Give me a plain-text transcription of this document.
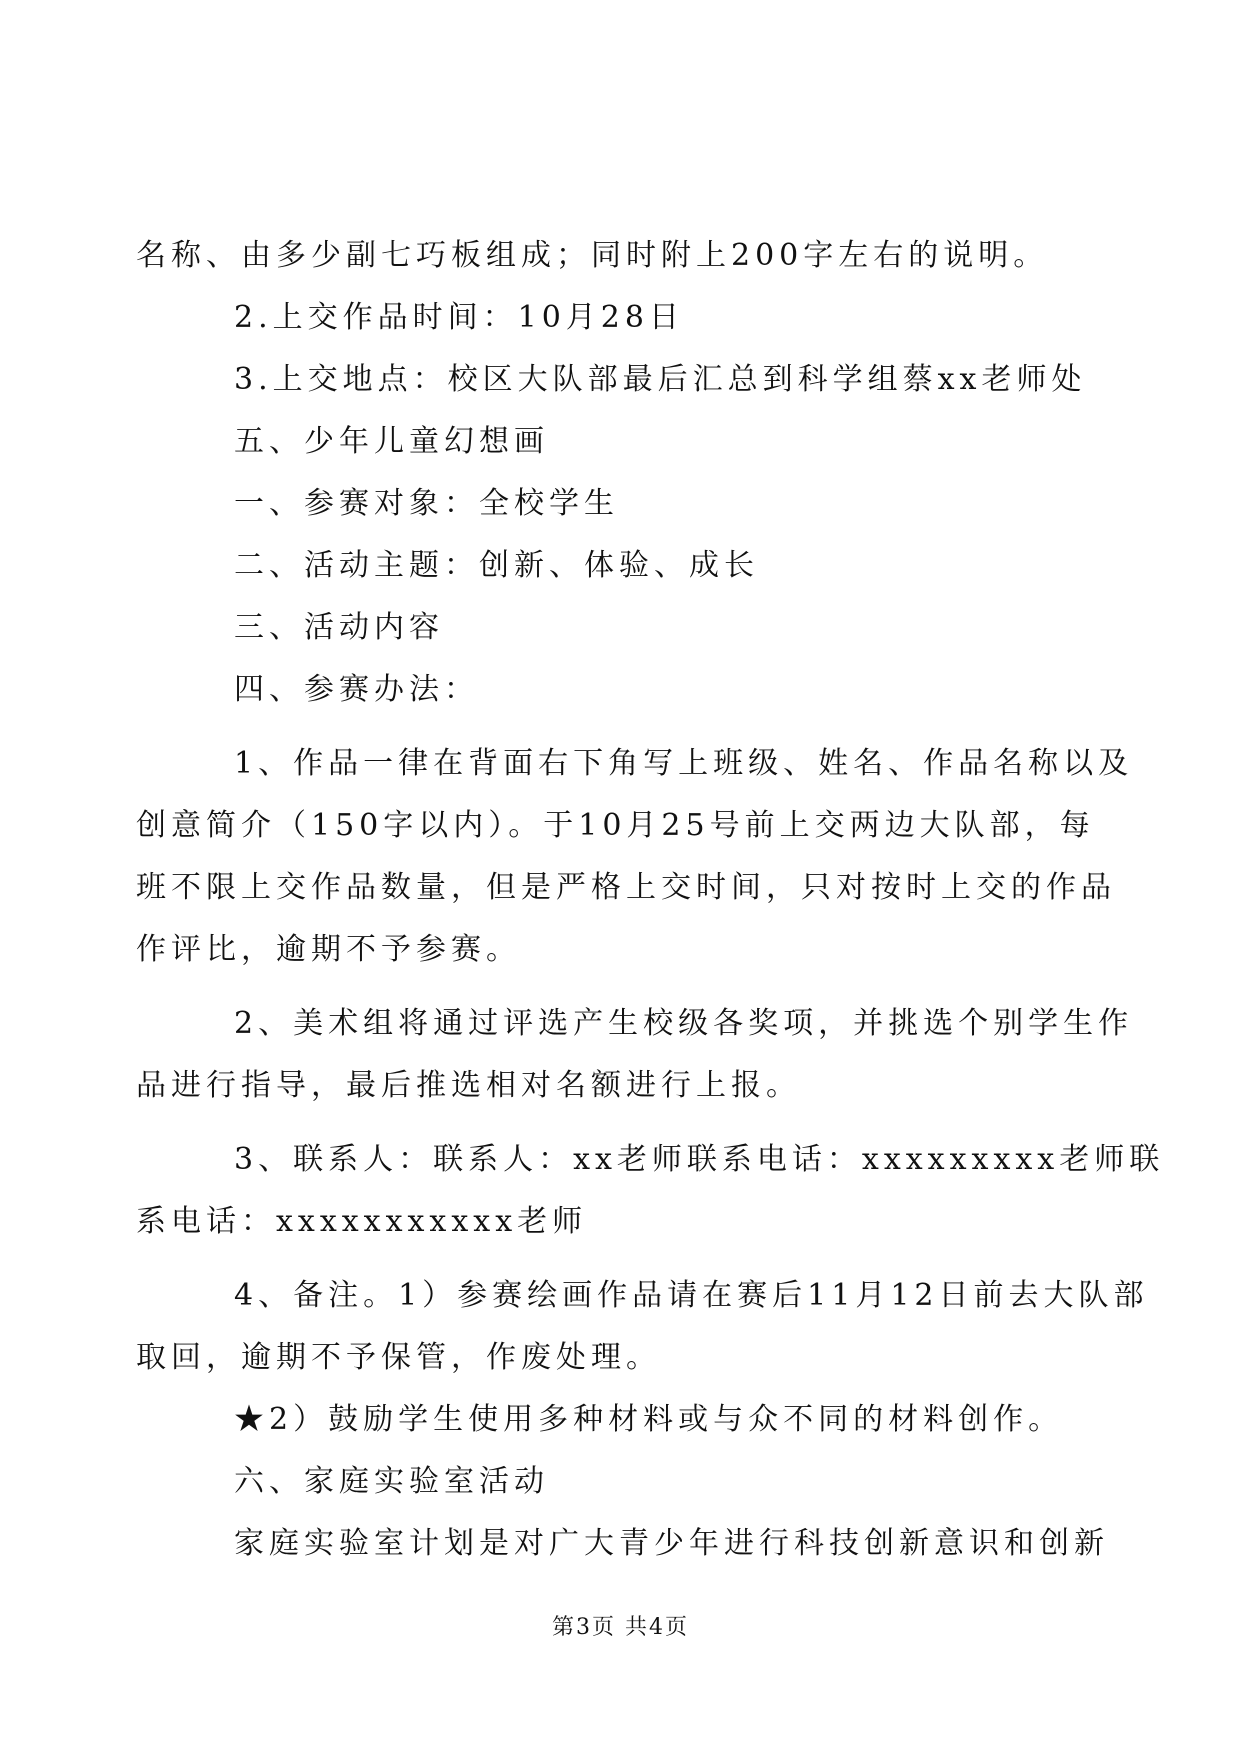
名称、由多少副七巧板组成；同时附上200字左右的说明。
2.上交作品时间：10月28日
3.上交地点：校区大队部最后汇总到科学组蔡xx老师处
五、少年儿童幻想画
一、参赛对象：全校学生
二、活动主题：创新、体验、成长
三、活动内容
四、参赛办法：
1、作品一律在背面右下角写上班级、姓名、作品名称以及
创意简介（150字以内）。于10月25号前上交两边大队部，每
班不限上交作品数量，但是严格上交时间，只对按时上交的作品
作评比，逾期不予参赛。
2、美术组将通过评选产生校级各奖项，并挑选个别学生作
品进行指导，最后推选相对名额进行上报。
3、联系人：联系人：xx老师联系电话：xxxxxxxxx老师联
系电话：xxxxxxxxxxx老师
4、备注。1）参赛绘画作品请在赛后11月12日前去大队部
取回，逾期不予保管，作废处理。
★2）鼓励学生使用多种材料或与众不同的材料创作。
六、家庭实验室活动
家庭实验室计划是对广大青少年进行科技创新意识和创新
第3页 共4页
